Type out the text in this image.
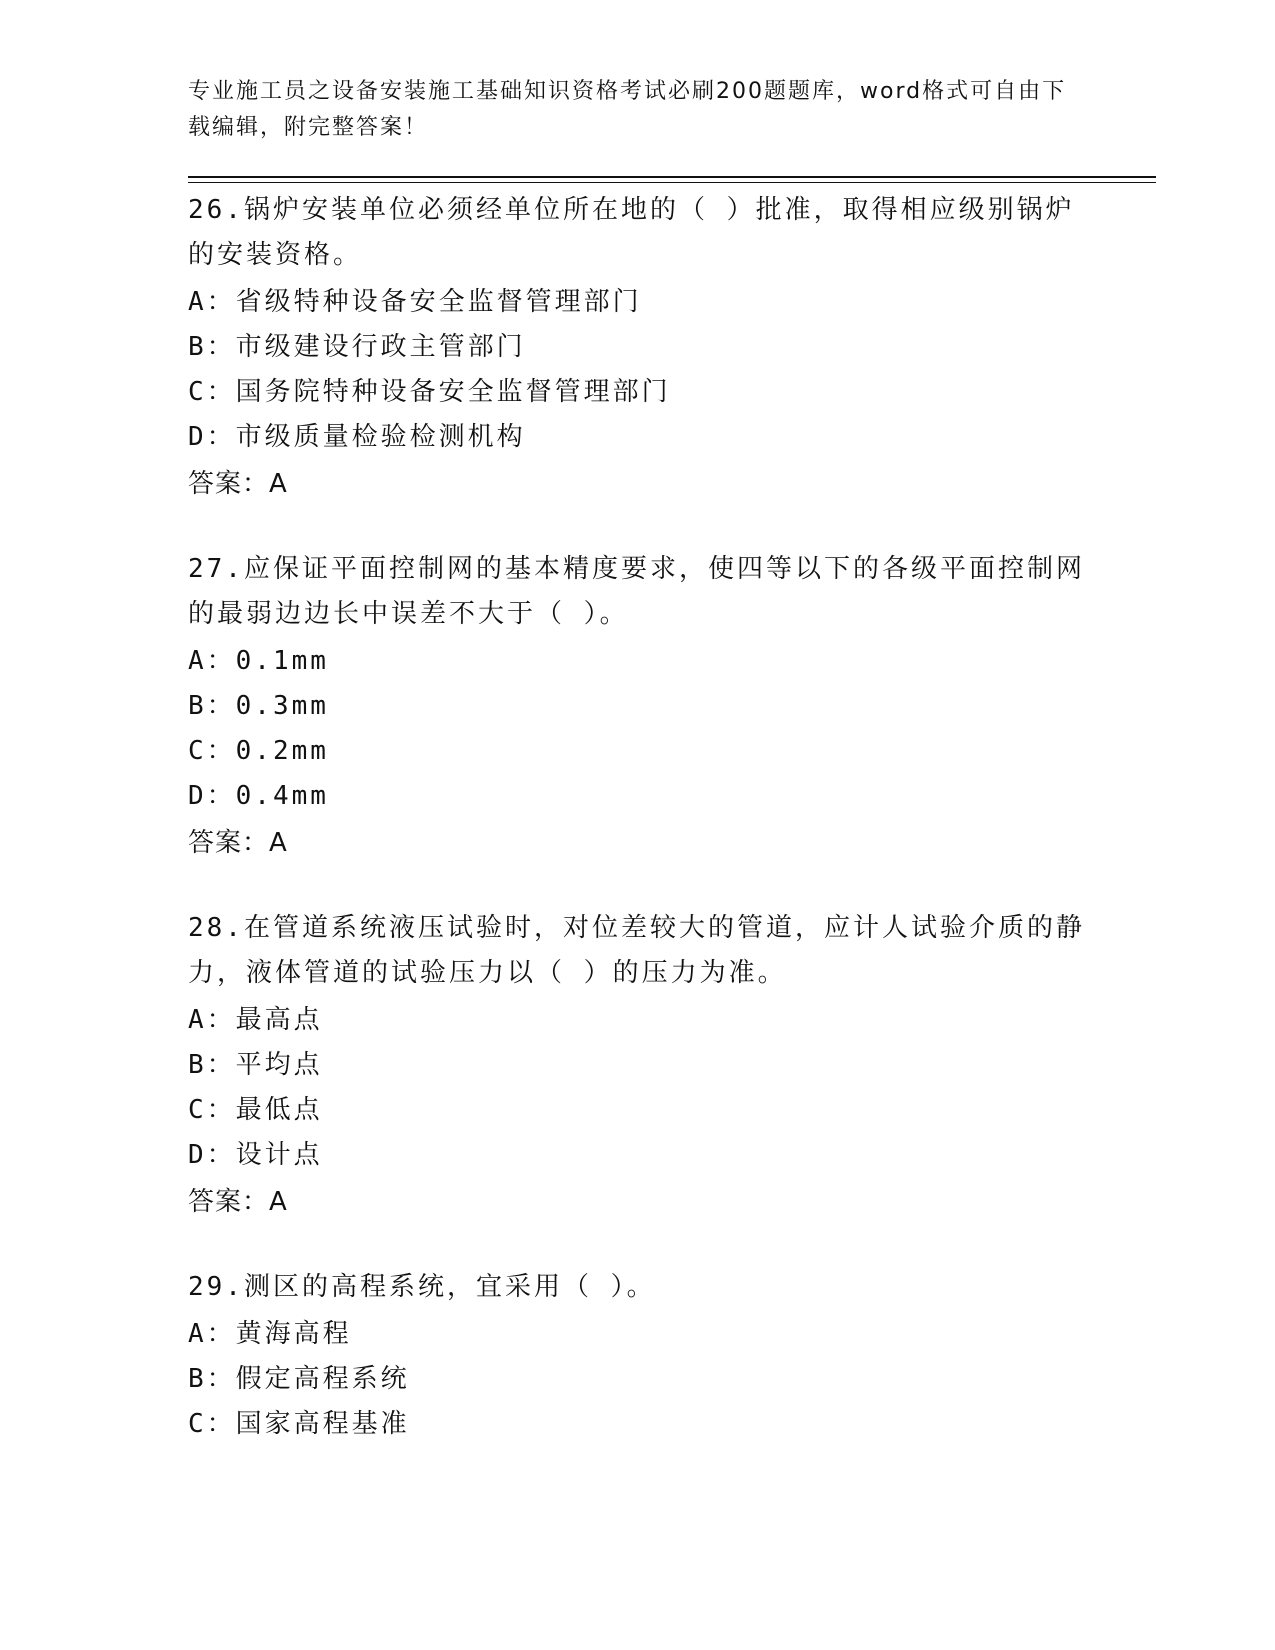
专业施工员之设备安装施工基础知识资格考试必刷200题题库，word格式可自由下载编辑，附完整答案！
26.锅炉安装单位必须经单位所在地的（ ）批准，取得相应级别锅炉的安装资格。
A：省级特种设备安全监督管理部门
B：市级建设行政主管部门
C：国务院特种设备安全监督管理部门
D：市级质量检验检测机构
答案：A
27.应保证平面控制网的基本精度要求，使四等以下的各级平面控制网的最弱边边长中误差不大于（ ）。
A：0.1mm
B：0.3mm
C：0.2mm
D：0.4mm
答案：A
28.在管道系统液压试验时，对位差较大的管道，应计人试验介质的静力，液体管道的试验压力以（ ）的压力为准。
A：最高点
B：平均点
C：最低点
D：设计点
答案：A
29.测区的高程系统，宜采用（ ）。
A：黄海高程
B：假定高程系统
C：国家高程基准
